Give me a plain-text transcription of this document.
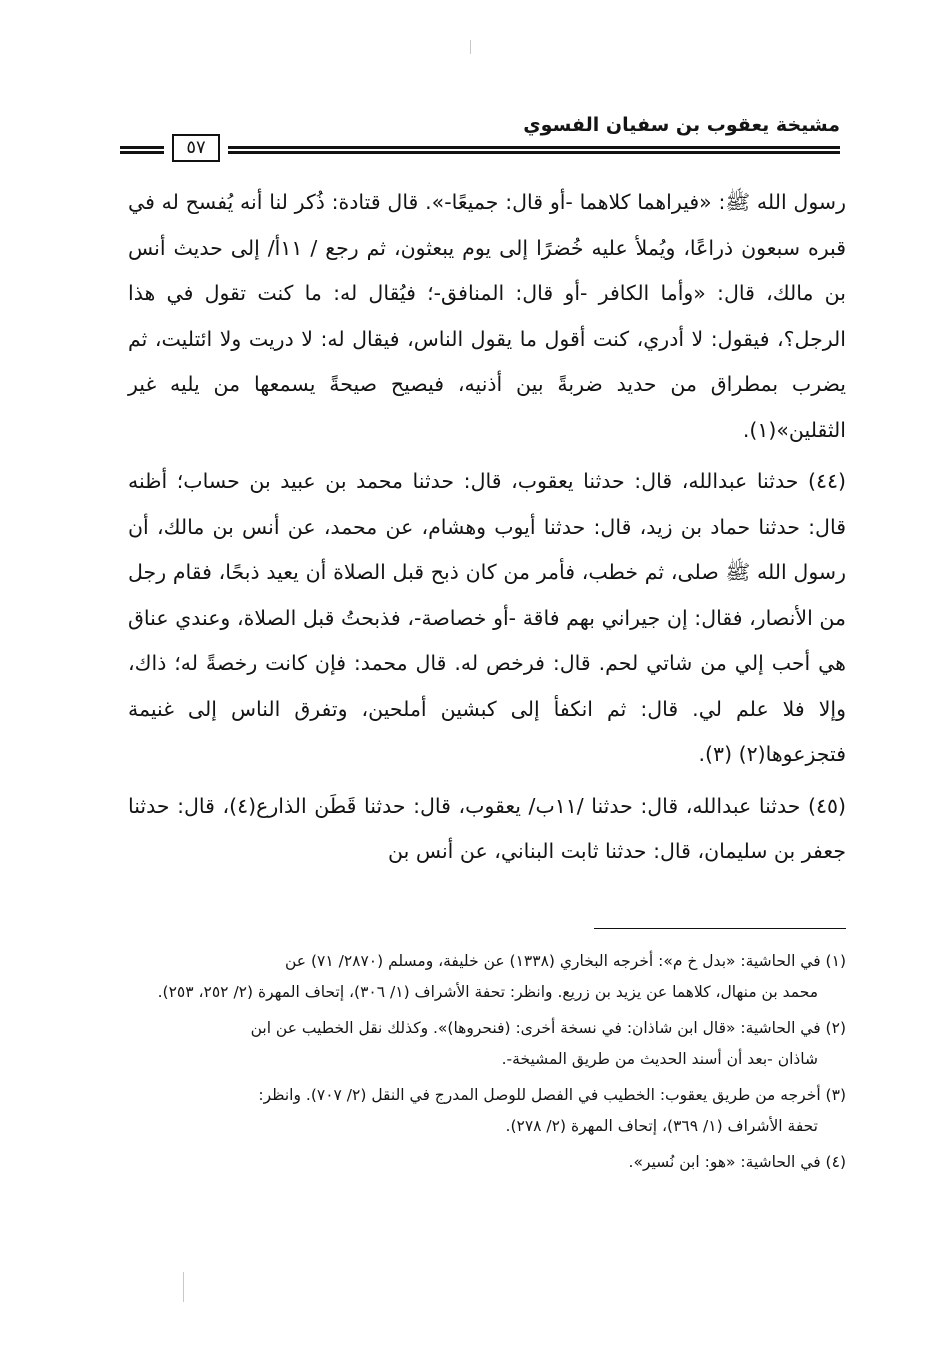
مشيخة يعقوب بن سفيان الفسوي
٥٧

رسول الله ﷺ: «فيراهما كلاهما -أو قال: جميعًا-». قال قتادة: ذُكر لنا أنه يُفسح له في قبره سبعون ذراعًا، ويُملأ عليه خُضرًا إلى يوم يبعثون، ثم رجع / ١١أ/ إلى حديث أنس بن مالك، قال: «وأما الكافر -أو قال: المنافق-؛ فيُقال له: ما كنت تقول في هذا الرجل؟، فيقول: لا أدري، كنت أقول ما يقول الناس، فيقال له: لا دريت ولا ائتليت، ثم يضرب بمطراق من حديد ضربةً بين أذنيه، فيصيح صيحةً يسمعها من يليه غير الثقلين»(١).

(٤٤) حدثنا عبدالله، قال: حدثنا يعقوب، قال: حدثنا محمد بن عبيد بن حساب؛ أظنه قال: حدثنا حماد بن زيد، قال: حدثنا أيوب وهشام، عن محمد، عن أنس بن مالك، أن رسول الله ﷺ صلى، ثم خطب، فأمر من كان ذبح قبل الصلاة أن يعيد ذبحًا، فقام رجل من الأنصار، فقال: إن جيراني بهم فاقة -أو خصاصة-، فذبحتُ قبل الصلاة، وعندي عناق هي أحب إلي من شاتي لحم. قال: فرخص له. قال محمد: فإن كانت رخصةً له؛ ذاك، وإلا فلا علم لي. قال: ثم انكفأ إلى كبشين أملحين، وتفرق الناس إلى غنيمة فتجزعوها(٢) (٣).

(٤٥) حدثنا عبدالله، قال: حدثنا /١١ب/ يعقوب، قال: حدثنا قَطَن الذارع(٤)، قال: حدثنا جعفر بن سليمان، قال: حدثنا ثابت البناني، عن أنس بن

(١) في الحاشية: «بدل خ م»: أخرجه البخاري (١٣٣٨) عن خليفة، ومسلم (٢٨٧٠/ ٧١) عن
محمد بن منهال، كلاهما عن يزيد بن زريع. وانظر: تحفة الأشراف (١/ ٣٠٦)، إتحاف المهرة (٢/ ٢٥٢، ٢٥٣).

(٢) في الحاشية: «قال ابن شاذان: في نسخة أخرى: (فنحروها)». وكذلك نقل الخطيب عن ابن
شاذان -بعد أن أسند الحديث من طريق المشيخة-.

(٣) أخرجه من طريق يعقوب: الخطيب في الفصل للوصل المدرج في النقل (٢/ ٧٠٧). وانظر:
تحفة الأشراف (١/ ٣٦٩)، إتحاف المهرة (٢/ ٢٧٨).

(٤) في الحاشية: «هو: ابن نُسير».
